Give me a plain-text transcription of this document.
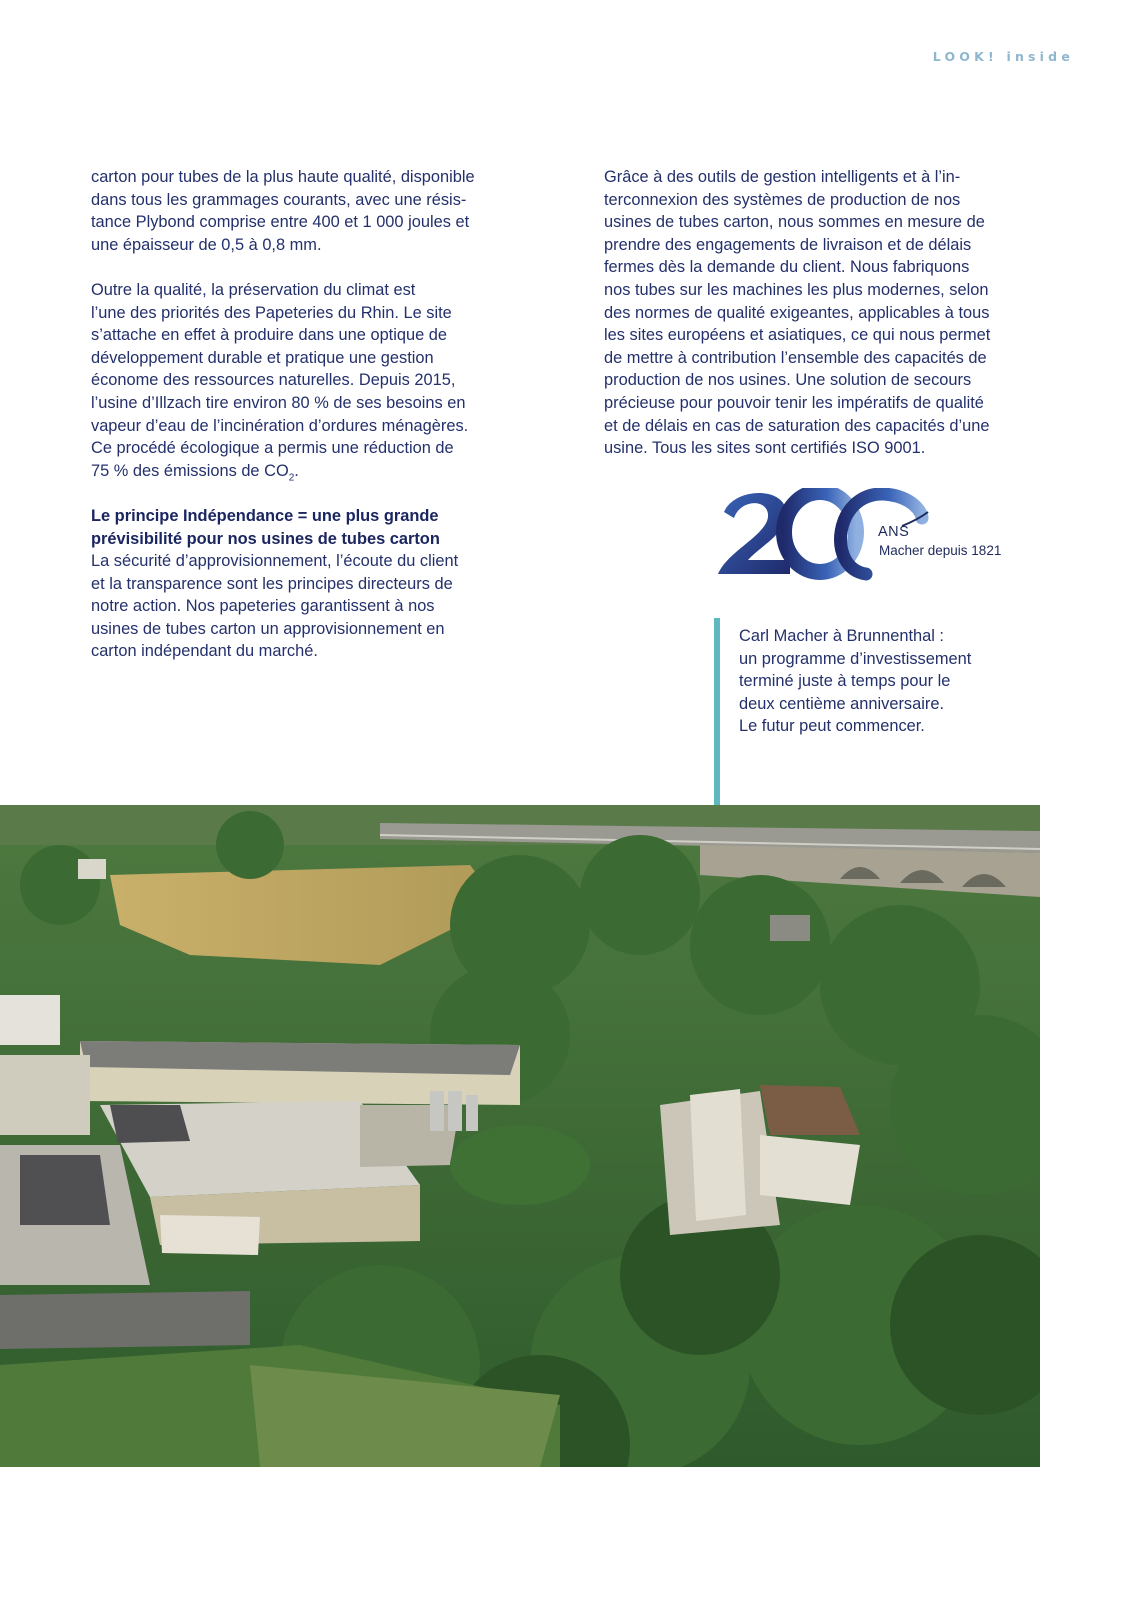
LOOK! inside

carton pour tubes de la plus haute qualité, disponible
dans tous les grammages courants, avec une résis-
tance Plybond comprise entre 400 et 1 000 joules et
une épaisseur de 0,5 à 0,8 mm.

Outre la qualité, la préservation du climat est
l’une des priorités des Papeteries du Rhin. Le site
s’attache en effet à produire dans une optique de
développement durable et pratique une gestion
économe des ressources naturelles. Depuis 2015,
l’usine d’Illzach tire environ 80 % de ses besoins en
vapeur d’eau de l’incinération d’ordures ménagères.
Ce procédé écologique a permis une réduction de
75 % des émissions de $CO_2$.

Le principe Indépendance = une plus grande
prévisibilité pour nos usines de tubes carton

La sécurité d’approvisionnement, l’écoute du client
et la transparence sont les principes directeurs de
notre action. Nos papeteries garantissent à nos
usines de tubes carton un approvisionnement en
carton indépendant du marché.

Grâce à des outils de gestion intelligents et à l’in-
terconnexion des systèmes de production de nos
usines de tubes carton, nous sommes en mesure de
prendre des engagements de livraison et de délais
fermes dès la demande du client. Nous fabriquons
nos tubes sur les machines les plus modernes, selon
des normes de qualité exigeantes, applicables à tous
les sites européens et asiatiques, ce qui nous permet
de mettre à contribution l’ensemble des capacités de
production de nos usines. Une solution de secours
précieuse pour pouvoir tenir les impératifs de qualité
et de délais en cas de saturation des capacités d’une
usine. Tous les sites sont certifiés ISO 9001.

ANS
Macher depuis 1821
Carl Macher à Brunnenthal :
un programme d’investissement
terminé juste à temps pour le
deux centième anniversaire.
Le futur peut commencer.
